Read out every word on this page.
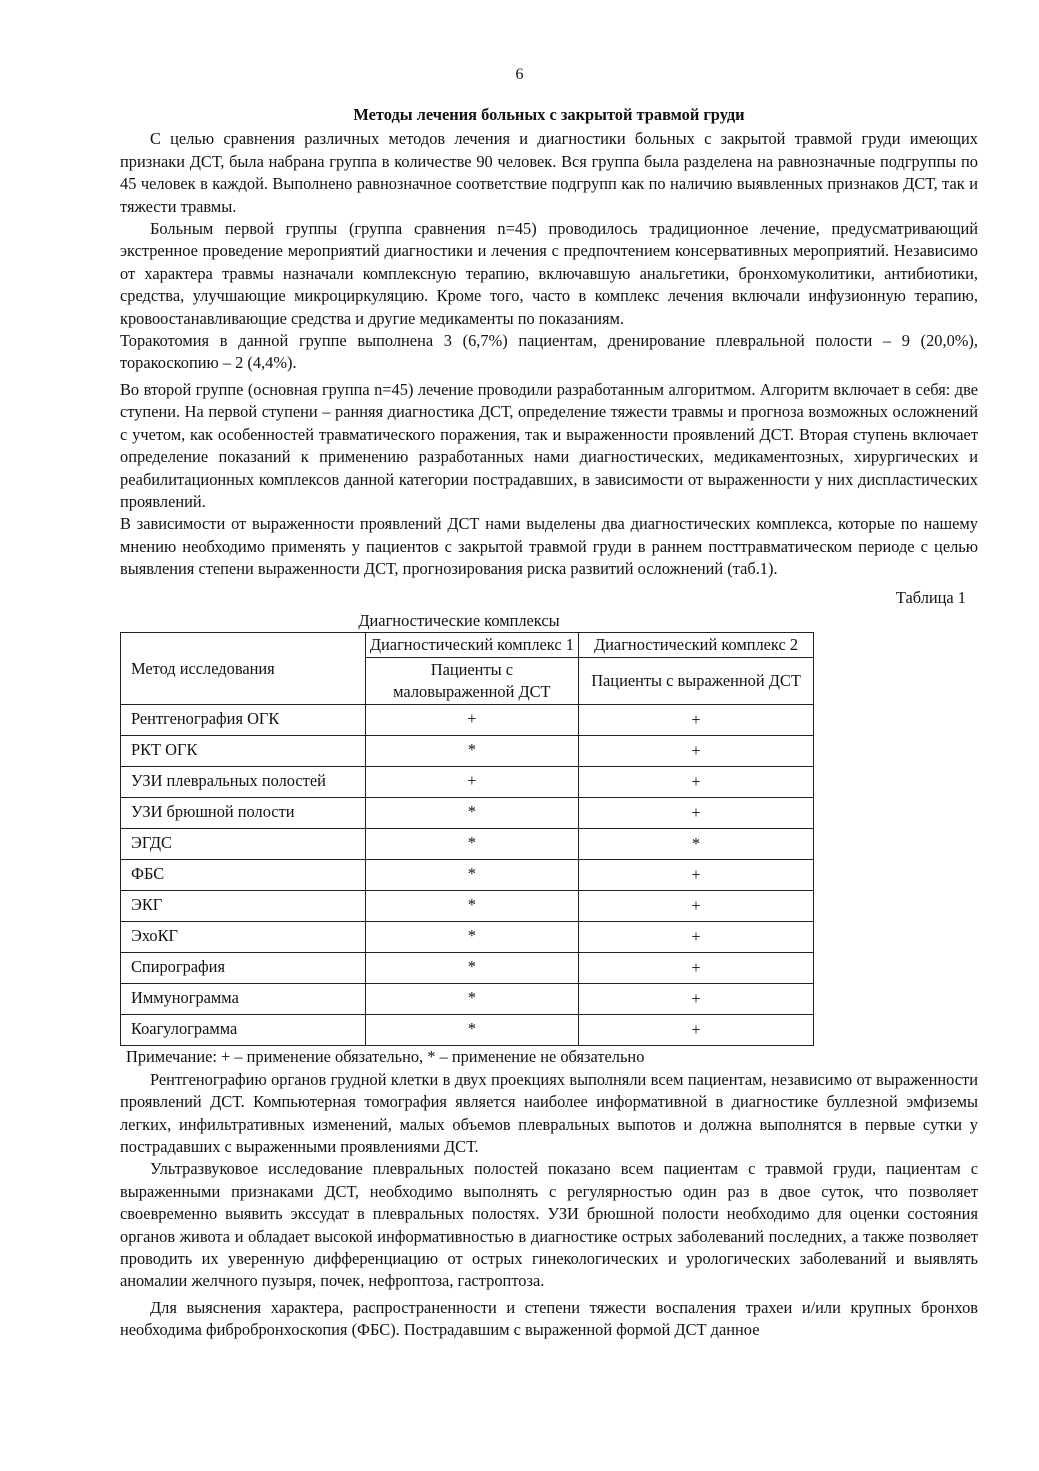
6
Методы лечения больных с закрытой травмой груди

С целью сравнения различных методов лечения и диагностики больных с закрытой травмой груди имеющих признаки ДСТ, была набрана группа в количестве 90 человек. Вся группа была разделена на равнозначные подгруппы по 45 человек в каждой. Выполнено равнозначное соответствие подгрупп как по наличию выявленных признаков ДСТ, так и тяжести травмы.

Больным первой группы (группа сравнения n=45) проводилось традиционное лечение, предусматривающий экстренное проведение мероприятий диагностики и лечения с предпочтением консервативных мероприятий. Независимо от характера травмы назначали комплексную терапию, включавшую анальгетики, бронхомуколитики, антибиотики, средства, улучшающие микроциркуляцию. Кроме того, часто в комплекс лечения включали инфузионную терапию, кровоостанавливающие средства и другие медикаменты по показаниям.

Торакотомия в данной группе выполнена 3 (6,7%) пациентам, дренирование плевральной полости – 9 (20,0%), торакоскопию – 2 (4,4%).

Во второй группе (основная группа n=45) лечение проводили разработанным алгоритмом. Алгоритм включает в себя: две ступени. На первой ступени – ранняя диагностика ДСТ, определение тяжести травмы и прогноза возможных осложнений с учетом, как особенностей травматического поражения, так и выраженности проявлений ДСТ. Вторая ступень включает определение показаний к применению разработанных нами диагностических, медикаментозных, хирургических и реабилитационных комплексов данной категории пострадавших, в зависимости от выраженности у них диспластических проявлений.

В зависимости от выраженности проявлений ДСТ нами выделены два диагностических комплекса, которые по нашему мнению необходимо применять у пациентов с закрытой травмой груди в раннем посттравматическом периоде с целью выявления степени выраженности ДСТ, прогнозирования риска развитий осложнений (таб.1).

Таблица 1
Диагностические комплексы
Метод исследования	Диагностический комплекс 1	Диагностический комплекс 2
	Пациенты с маловыраженной ДСТ	Пациенты с выраженной ДСТ
Рентгенография ОГК	+	+
РКТ ОГК	*	+
УЗИ плевральных полостей	+	+
УЗИ брюшной полости	*	+
ЭГДС	*	*
ФБС	*	+
ЭКГ	*	+
ЭхоКГ	*	+
Спирография	*	+
Иммунограмма	*	+
Коагулограмма	*	+

Примечание: + – применение обязательно, * – применение не обязательно

Рентгенографию органов грудной клетки в двух проекциях выполняли всем пациентам, независимо от выраженности проявлений ДСТ. Компьютерная томография является наиболее информативной в диагностике буллезной эмфиземы легких, инфильтративных изменений, малых объемов плевральных выпотов и должна выполнятся в первые сутки у пострадавших с выраженными проявлениями ДСТ.

Ультразвуковое исследование плевральных полостей показано всем пациентам с травмой груди, пациентам с выраженными признаками ДСТ, необходимо выполнять с регулярностью один раз в двое суток, что позволяет своевременно выявить экссудат в плевральных полостях. УЗИ брюшной полости необходимо для оценки состояния органов живота и обладает высокой информативностью в диагностике острых заболеваний последних, а также позволяет проводить их уверенную дифференциацию от острых гинекологических и урологических заболеваний и выявлять аномалии желчного пузыря, почек, нефроптоза, гастроптоза.

Для выяснения характера, распространенности и степени тяжести воспаления трахеи и/или крупных бронхов необходима фибробронхоскопия (ФБС). Пострадавшим с выраженной формой ДСТ данное
